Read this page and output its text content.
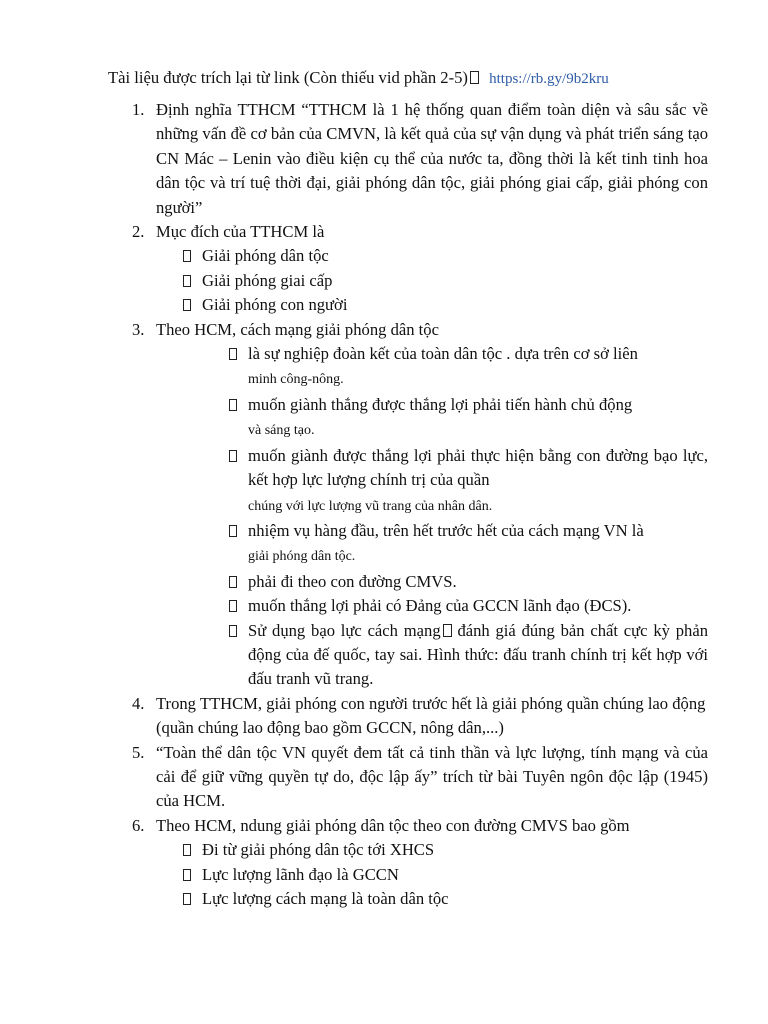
Tài liệu được trích lại từ link (Còn thiếu vid phần 2-5) https://rb.gy/9b2kru
1. Định nghĩa TTHCM “TTHCM là 1 hệ thống quan điểm toàn diện và sâu sắc về những vấn đề cơ bản của CMVN, là kết quả của sự vận dụng và phát triển sáng tạo CN Mác – Lenin vào điều kiện cụ thể của nước ta, đồng thời là kết tinh tinh hoa dân tộc và trí tuệ thời đại, giải phóng dân tộc, giải phóng giai cấp, giải phóng con người”
2. Mục đích của TTHCM là
Giải phóng dân tộc
Giải phóng giai cấp
Giải phóng con người
3. Theo HCM, cách mạng giải phóng dân tộc
là sự nghiệp đoàn kết của toàn dân tộc . dựa trên cơ sở liên
minh công-nông.
muốn giành thắng được thắng lợi phải tiến hành chủ động
và sáng tạo.
muốn giành được thắng lợi phải thực hiện bằng con đường bạo lực, kết hợp lực lượng chính trị của quần
chúng với lực lượng vũ trang của nhân dân.
nhiệm vụ hàng đầu, trên hết trước hết của cách mạng VN là
giải phóng dân tộc.
phải đi theo con đường CMVS.
muốn thắng lợi phải có Đảng của GCCN lãnh đạo (ĐCS).
Sử dụng bạo lực cách mạng đánh giá đúng bản chất cực kỳ phản động của đế quốc, tay sai. Hình thức: đấu tranh chính trị kết hợp với đấu tranh vũ trang.
4. Trong TTHCM, giải phóng con người trước hết là giải phóng quần chúng lao động (quần chúng lao động bao gồm GCCN, nông dân,...)
5. “Toàn thể dân tộc VN quyết đem tất cả tinh thần và lực lượng, tính mạng và của cải để giữ vững quyền tự do, độc lập ấy” trích từ bài Tuyên ngôn độc lập (1945) của HCM.
6. Theo HCM, ndung giải phóng dân tộc theo con đường CMVS bao gồm
Đi từ giải phóng dân tộc tới XHCS
Lực lượng lãnh đạo là GCCN
Lực lượng cách mạng là toàn dân tộc
